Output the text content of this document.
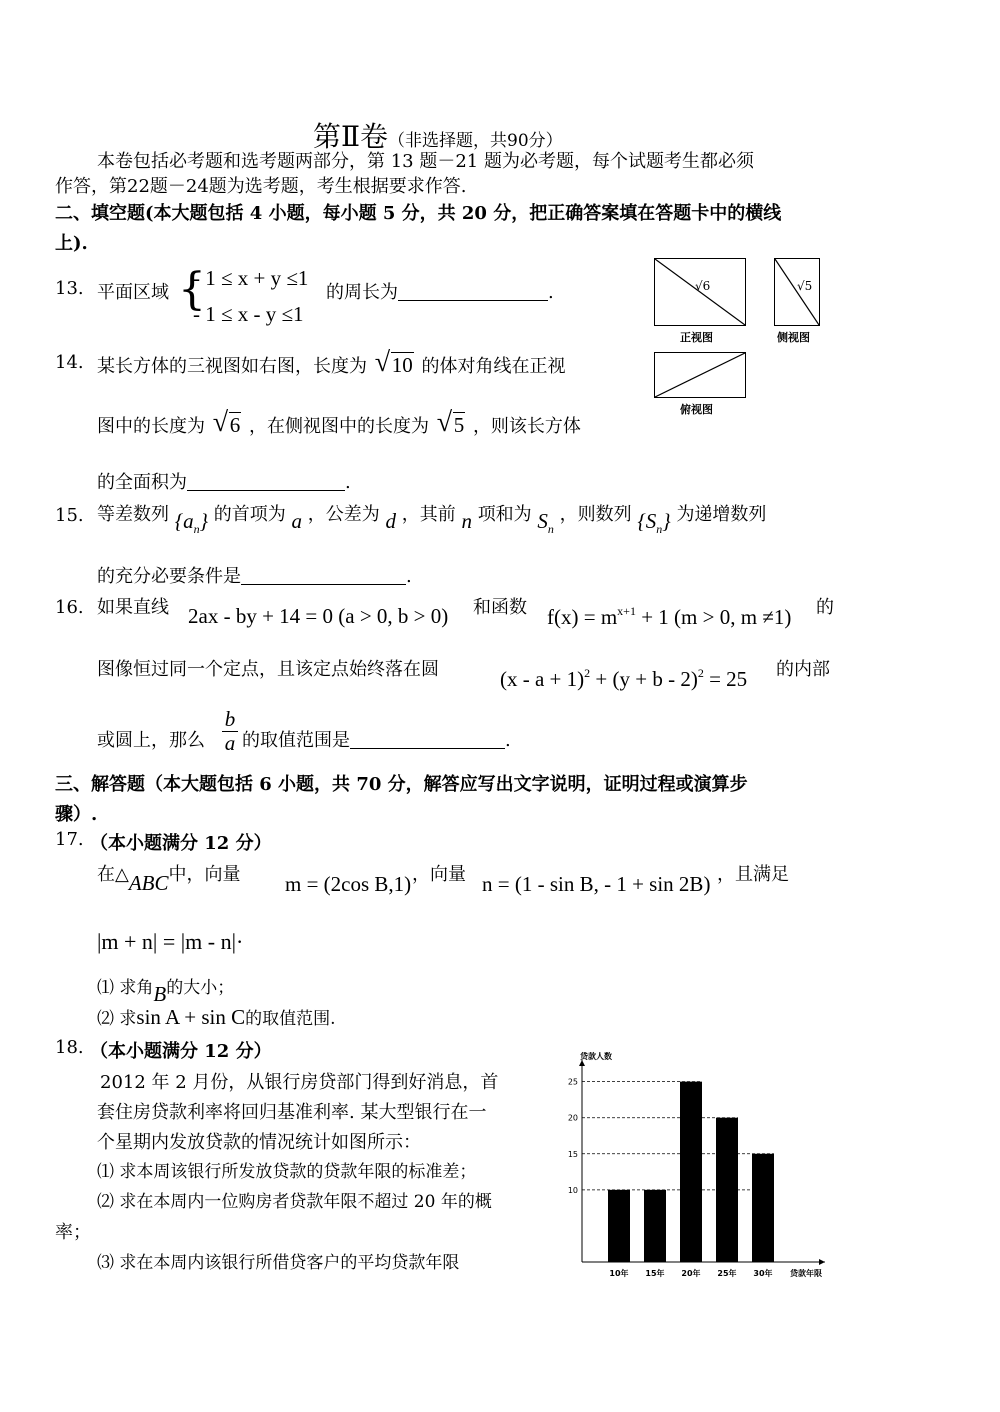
第Ⅱ卷（非选择题，共90分）
本卷包括必考题和选考题两部分，第 13 题－21 题为必考题，每个试题考生都必须
作答，第22题－24题为选考题，考生根据要求作答.
二、填空题(本大题包括 4 小题，每小题 5 分，共 20 分，把正确答案填在答题卡中的横线
上).
13. 平面区域 {
- 1 ≤ x + y ≤1
- 1 ≤ x - y ≤1
的周长为	.	√6
正视图
√5
侧视图
俯视图
14. 某长方体的三视图如右图，长度为 √ 10 的体对角线在正视
图中的长度为 √ 6 ，在侧视图中的长度为 √ 5 ，则该长方体
的全面积为	.
15. 等差数列 $\{a_n\}$ 的首项为 a ，公差为 d ，其前 n 项和为 $S_n$ ，则数列 $\{S_n\}$ 为递增数列
的充分必要条件是	.
16. 如果直线 2ax - by + 14 = 0 (a > 0, b > 0) 和函数 $f(x) = m^{x+1} + 1$ (m > 0, m ≠1) 的
图像恒过同一个定点，且该定点始终落在圆	$(x - a + 1)^2 + (y + b - 2)^2 = 25$ 的内部
或圆上，那么
b
a 的取值范围是	.
三、解答题（本大题包括 6 小题，共 70 分，解答应写出文字说明，证明过程或演算步
骤）.
17. （本小题满分 12 分）
在△ABC中，向量 m = (2cos B,1) ，向量 n = (1 - sin B, - 1 + sin 2B) ，且满足
|m + n| = |m - n|·
⑴ 求角B的大小；
⑵ 求sin A + sin C的取值范围.
18. （本小题满分 12 分）
2012 年 2 月份，从银行房贷部门得到好消息，首
套住房贷款利率将回归基准利率. 某大型银行在一
个星期内发放贷款的情况统计如图所示：
⑴ 求本周该银行所发放贷款的贷款年限的标准差；
⑵ 求在本周内一位购房者贷款年限不超过 20 年的概
率；
⑶ 求在本周内该银行所借贷客户的平均贷款年限
贷款人数
贷款年限
10年 15年 20年 25年 30年
10
15
20
25
